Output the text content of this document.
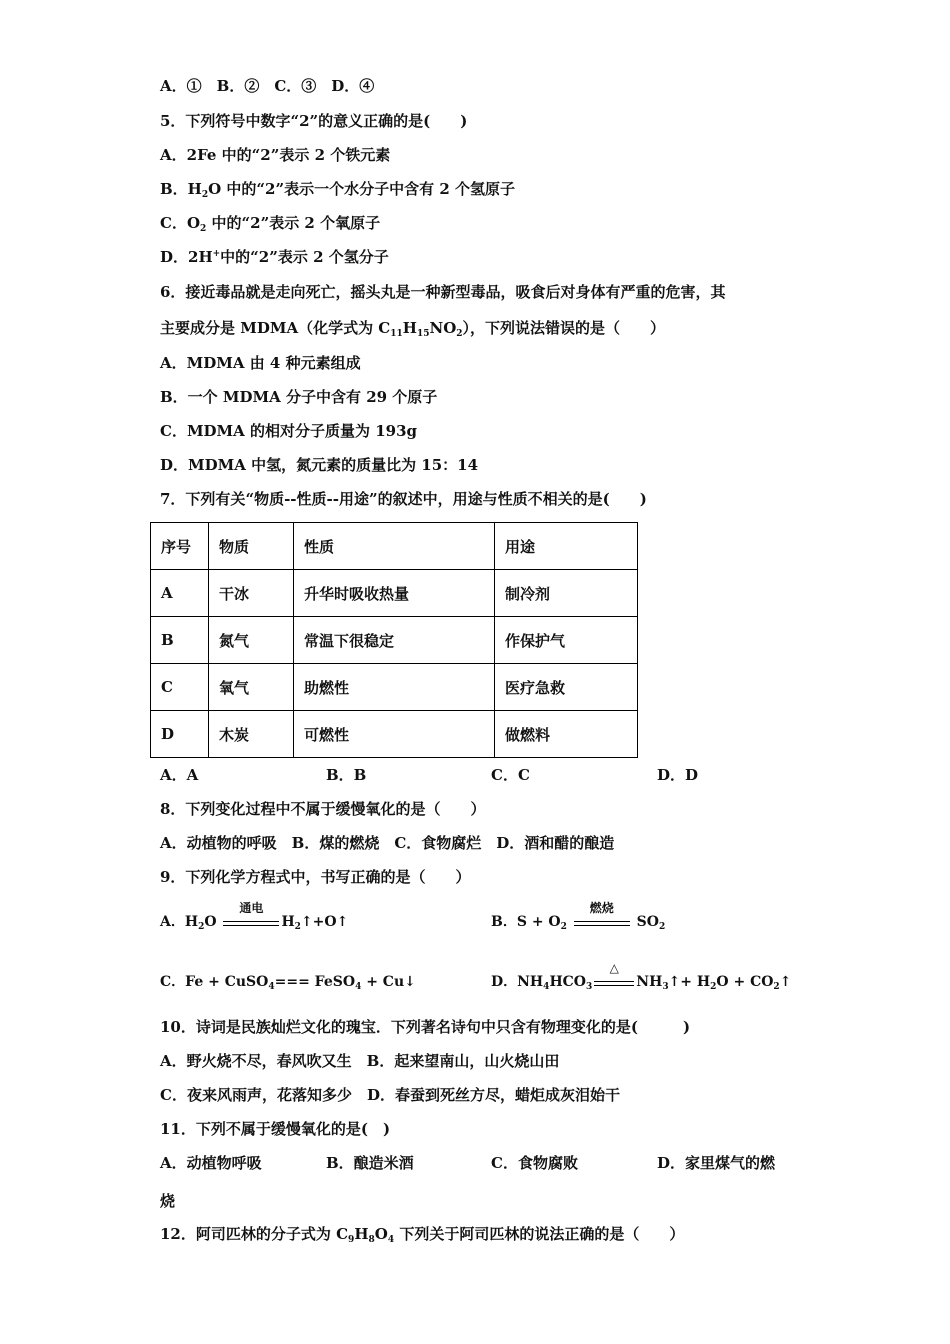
A．①　B．②　C．③　D．④
5．下列符号中数字“2”的意义正确的是(　　)
A．2Fe 中的“2”表示 2 个铁元素
B．$H_2O$ 中的“2”表示一个水分子中含有 2 个氢原子
C．$O_2$ 中的“2”表示 2 个氧原子
D．2H+中的“2”表示 2 个氢分子
6．接近毒品就是走向死亡，摇头丸是一种新型毒品，吸食后对身体有严重的危害，其
主要成分是 MDMA（化学式为 $C_{11}H_{15}NO_2$），下列说法错误的是（　　）
A．MDMA 由 4 种元素组成
B．一个 MDMA 分子中含有 29 个原子
C．MDMA 的相对分子质量为 193g
D．MDMA 中氢，氮元素的质量比为 15：14
7．下列有关“物质--性质--用途”的叙述中，用途与性质不相关的是(　　)
序号	物质	性质	用途
A	干冰	升华时吸收热量	制冷剂
B	氮气	常温下很稳定	作保护气
C	氧气	助燃性	医疗急救
D	木炭	可燃性	做燃料
A．A	B．B	C．C	D．D
8．下列变化过程中不属于缓慢氧化的是（　　）
A．动植物的呼吸　B．煤的燃烧　C．食物腐烂　D．酒和醋的酿造
9．下列化学方程式中，书写正确的是（　　）
A．$H_2O$
通电
$H_2↑+O↑$	B．$S + O_2$
燃烧
$SO_2$
C．Fe + CuSO$_4$=== FeSO$_4$ + Cu↓	D．$NH_4HCO_3$
△
$NH_3↑+ H_2O$ + $CO_2↑$
10．诗词是民族灿烂文化的瑰宝．下列著名诗句中只含有物理变化的是(　　　)
A．野火烧不尽，春风吹又生　B．起来望南山，山火烧山田
C．夜来风雨声，花落知多少　D．春蚕到死丝方尽，蜡炬成灰泪始干
11．下列不属于缓慢氧化的是(　)
A．动植物呼吸	B．酿造米酒	C．食物腐败	D．家里煤气的燃
烧
12．阿司匹林的分子式为 $C_9H_8O_4$ 下列关于阿司匹林的说法正确的是（　　）
